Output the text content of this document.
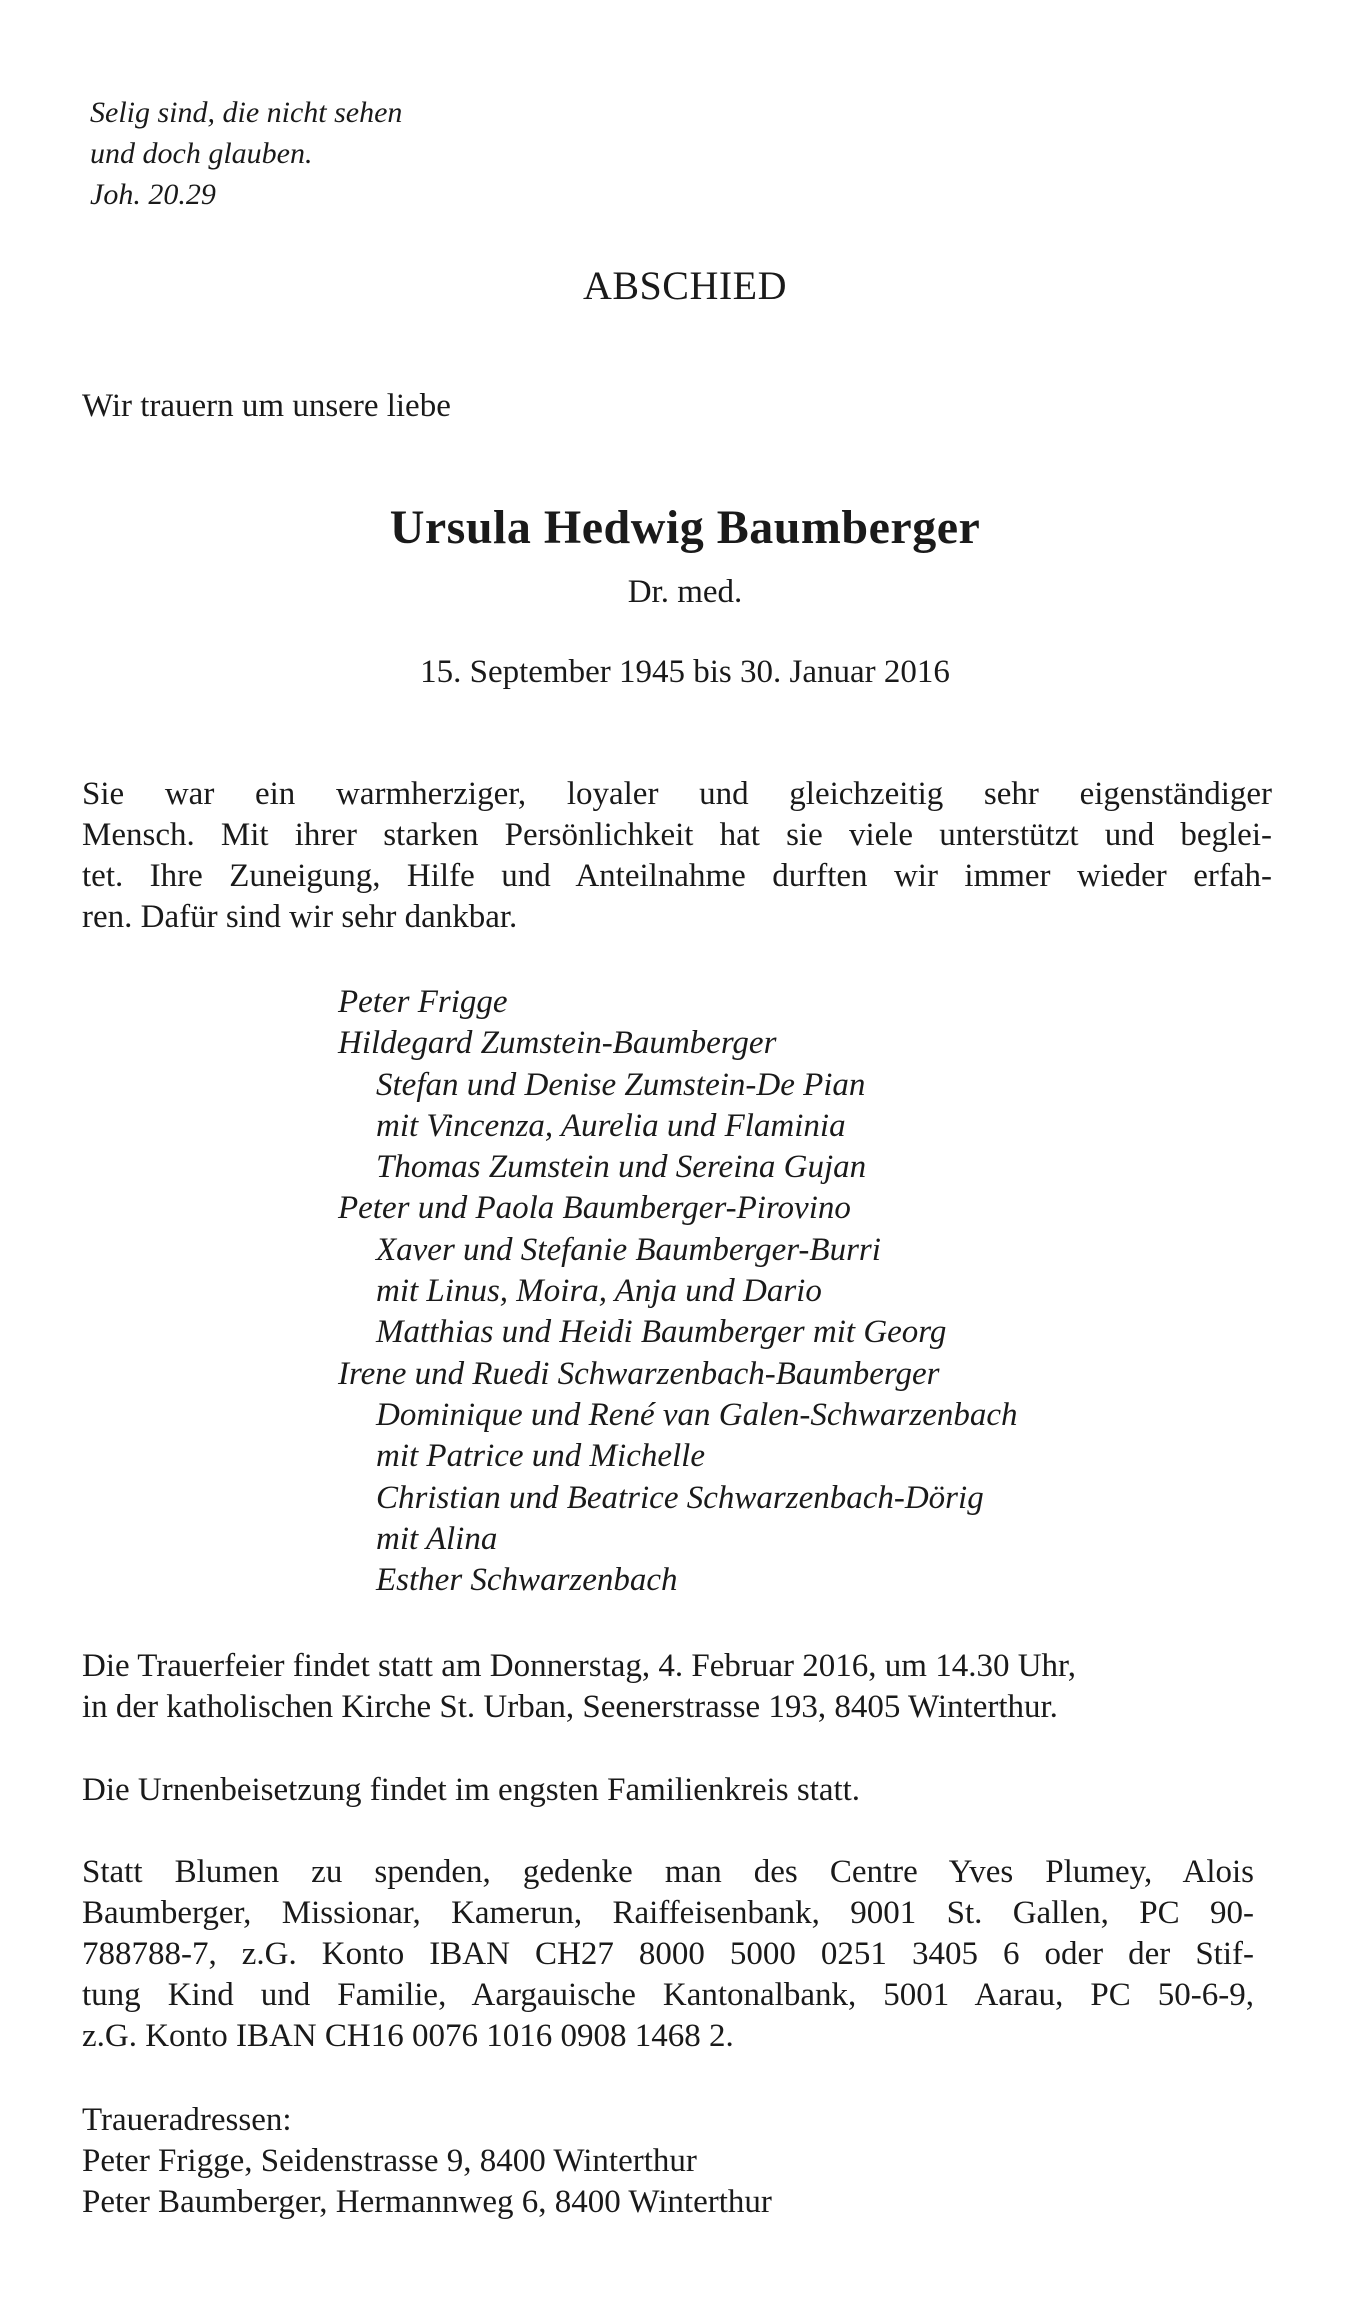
Selig sind, die nicht sehen
und doch glauben.
Joh. 20.29
ABSCHIED
Wir trauern um unsere liebe
Ursula Hedwig Baumberger
Dr. med.
15. September 1945 bis 30. Januar 2016
Sie war ein warmherziger, loyaler und gleichzeitig sehr eigenständiger
Mensch. Mit ihrer starken Persönlichkeit hat sie viele unterstützt und beglei-
tet. Ihre Zuneigung, Hilfe und Anteilnahme durften wir immer wieder erfah-
ren. Dafür sind wir sehr dankbar.
Peter Frigge
Hildegard Zumstein-Baumberger
Stefan und Denise Zumstein-De Pian
mit Vincenza, Aurelia und Flaminia
Thomas Zumstein und Sereina Gujan
Peter und Paola Baumberger-Pirovino
Xaver und Stefanie Baumberger-Burri
mit Linus, Moira, Anja und Dario
Matthias und Heidi Baumberger mit Georg
Irene und Ruedi Schwarzenbach-Baumberger
Dominique und René van Galen-Schwarzenbach
mit Patrice und Michelle
Christian und Beatrice Schwarzenbach-Dörig
mit Alina
Esther Schwarzenbach
Die Trauerfeier findet statt am Donnerstag, 4. Februar 2016, um 14.30 Uhr,
in der katholischen Kirche St. Urban, Seenerstrasse 193, 8405 Winterthur.
Die Urnenbeisetzung findet im engsten Familienkreis statt.
Statt Blumen zu spenden, gedenke man des Centre Yves Plumey, Alois
Baumberger, Missionar, Kamerun, Raiffeisenbank, 9001 St. Gallen, PC 90-
788788-7, z.G. Konto IBAN CH27 8000 5000 0251 3405 6 oder der Stif-
tung Kind und Familie, Aargauische Kantonalbank, 5001 Aarau, PC 50-6-9,
z.G. Konto IBAN CH16 0076 1016 0908 1468 2.
Traueradressen:
Peter Frigge, Seidenstrasse 9, 8400 Winterthur
Peter Baumberger, Hermannweg 6, 8400 Winterthur
